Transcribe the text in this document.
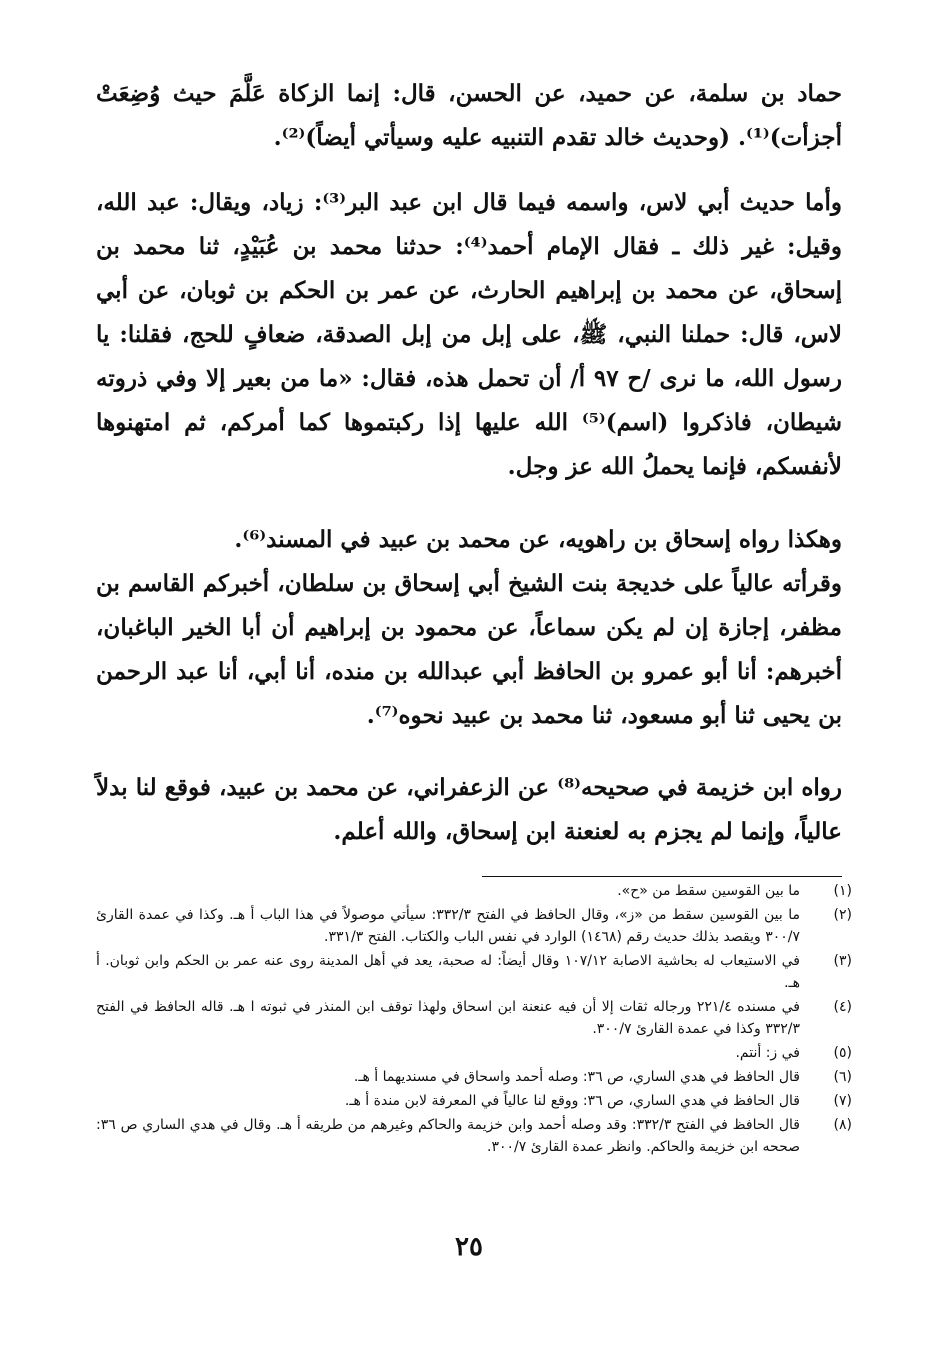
حماد بن سلمة، عن حميد، عن الحسن، قال: إنما الزكاة عَلَّمَ حيث وُضِعَتْ أجزأت)⁽¹⁾. (وحديث خالد تقدم التنبيه عليه وسيأتي أيضاً)⁽²⁾.

وأما حديث أبي لاس، واسمه فيما قال ابن عبد البر⁽³⁾: زياد، ويقال: عبد الله، وقيل: غير ذلك ـ فقال الإمام أحمد⁽⁴⁾: حدثنا محمد بن عُبَيْدٍ، ثنا محمد بن إسحاق، عن محمد بن إبراهيم الحارث، عن عمر بن الحكم بن ثوبان، عن أبي لاس، قال: حملنا النبي، ﷺ، على إبل من إبل الصدقة، ضعافٍ للحج، فقلنا: يا رسول الله، ما نرى /ح ٩٧ أ/ أن تحمل هذه، فقال: «ما من بعير إلا وفي ذروته شيطان، فاذكروا (اسم)⁽⁵⁾ الله عليها إذا ركبتموها كما أمركم، ثم امتهنوها لأنفسكم، فإنما يحملُ الله عز وجل.

وهكذا رواه إسحاق بن راهويه، عن محمد بن عبيد في المسند⁽⁶⁾.

وقرأته عالياً على خديجة بنت الشيخ أبي إسحاق بن سلطان، أخبركم القاسم بن مظفر، إجازة إن لم يكن سماعاً، عن محمود بن إبراهيم أن أبا الخير الباغبان، أخبرهم: أنا أبو عمرو بن الحافظ أبي عبدالله بن منده، أنا أبي، أنا عبد الرحمن بن يحيى ثنا أبو مسعود، ثنا محمد بن عبيد نحوه⁽⁷⁾.

رواه ابن خزيمة في صحيحه⁽⁸⁾ عن الزعفراني، عن محمد بن عبيد، فوقع لنا بدلاً عالياً، وإنما لم يجزم به لعنعنة ابن إسحاق، والله أعلم.

(١)
ما بين القوسين سقط من «ح».
(٢)
ما بين القوسين سقط من «ز»، وقال الحافظ في الفتح ٣٣٢/٣: سيأتي موصولاً في هذا الباب أ هـ. وكذا في عمدة القارئ ٣٠٠/٧ ويقصد بذلك حديث رقم (١٤٦٨) الوارد في نفس الباب والكتاب. الفتح ٣٣١/٣.
(٣)
في الاستيعاب له بحاشية الاصابة ١٠٧/١٢ وقال أيضاً: له صحبة، يعد في أهل المدينة روى عنه عمر بن الحكم وابن ثوبان. أ هـ.
(٤)
في مسنده ٢٢١/٤ ورجاله ثقات إلا أن فيه عنعنة ابن اسحاق ولهذا توقف ابن المنذر في ثبوته ا هـ. قاله الحافظ في الفتح ٣٣٢/٣ وكذا في عمدة القارئ ٣٠٠/٧.
(٥)
في ز: أنتم.
(٦)
قال الحافظ في هدي الساري، ص ٣٦: وصله أحمد واسحاق في مسنديهما أ هـ.
(٧)
قال الحافظ في هدي الساري، ص ٣٦: ووقع لنا عالياً في المعرفة لابن مندة أ هـ.
(٨)
قال الحافظ في الفتح ٣٣٢/٣: وقد وصله أحمد وابن خزيمة والحاكم وغيرهم من طريقه أ هـ. وقال في هدي الساري ص ٣٦: صححه ابن خزيمة والحاكم. وانظر عمدة القارئ ٣٠٠/٧.
٢٥
